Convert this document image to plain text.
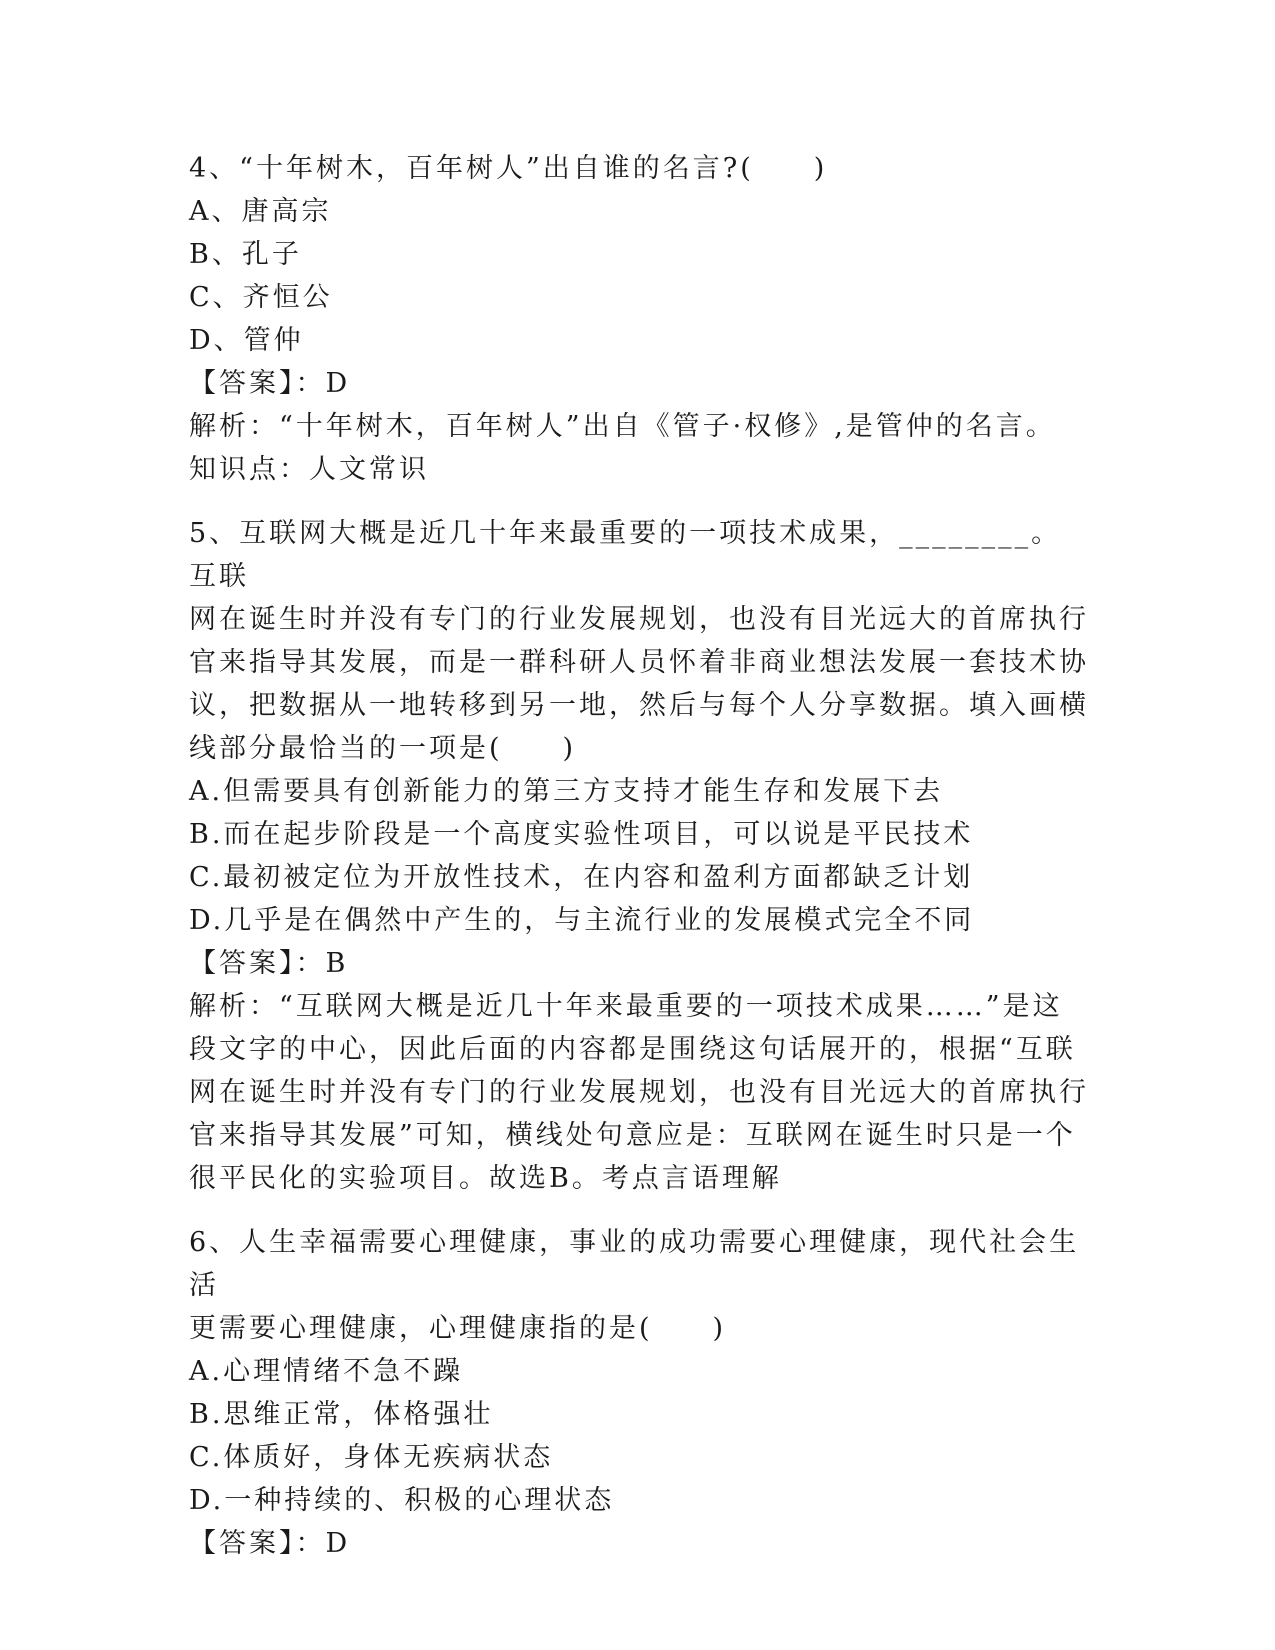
4、“十年树木，百年树人”出自谁的名言?(　　)
A、唐高宗
B、孔子
C、齐恒公
D、管仲
【答案】：D
解析：“十年树木，百年树人”出自《管子·权修》,是管仲的名言。
知识点：人文常识
5、互联网大概是近几十年来最重要的一项技术成果，________。互联
网在诞生时并没有专门的行业发展规划，也没有目光远大的首席执行
官来指导其发展，而是一群科研人员怀着非商业想法发展一套技术协
议，把数据从一地转移到另一地，然后与每个人分享数据。填入画横
线部分最恰当的一项是(　　)
A.但需要具有创新能力的第三方支持才能生存和发展下去
B.而在起步阶段是一个高度实验性项目，可以说是平民技术
C.最初被定位为开放性技术，在内容和盈利方面都缺乏计划
D.几乎是在偶然中产生的，与主流行业的发展模式完全不同
【答案】：B
解析：“互联网大概是近几十年来最重要的一项技术成果……”是这
段文字的中心，因此后面的内容都是围绕这句话展开的，根据“互联
网在诞生时并没有专门的行业发展规划，也没有目光远大的首席执行
官来指导其发展”可知，横线处句意应是：互联网在诞生时只是一个
很平民化的实验项目。故选B。考点言语理解
6、人生幸福需要心理健康，事业的成功需要心理健康，现代社会生活
更需要心理健康，心理健康指的是(　　)
A.心理情绪不急不躁
B.思维正常，体格强壮
C.体质好，身体无疾病状态
D.一种持续的、积极的心理状态
【答案】：D
